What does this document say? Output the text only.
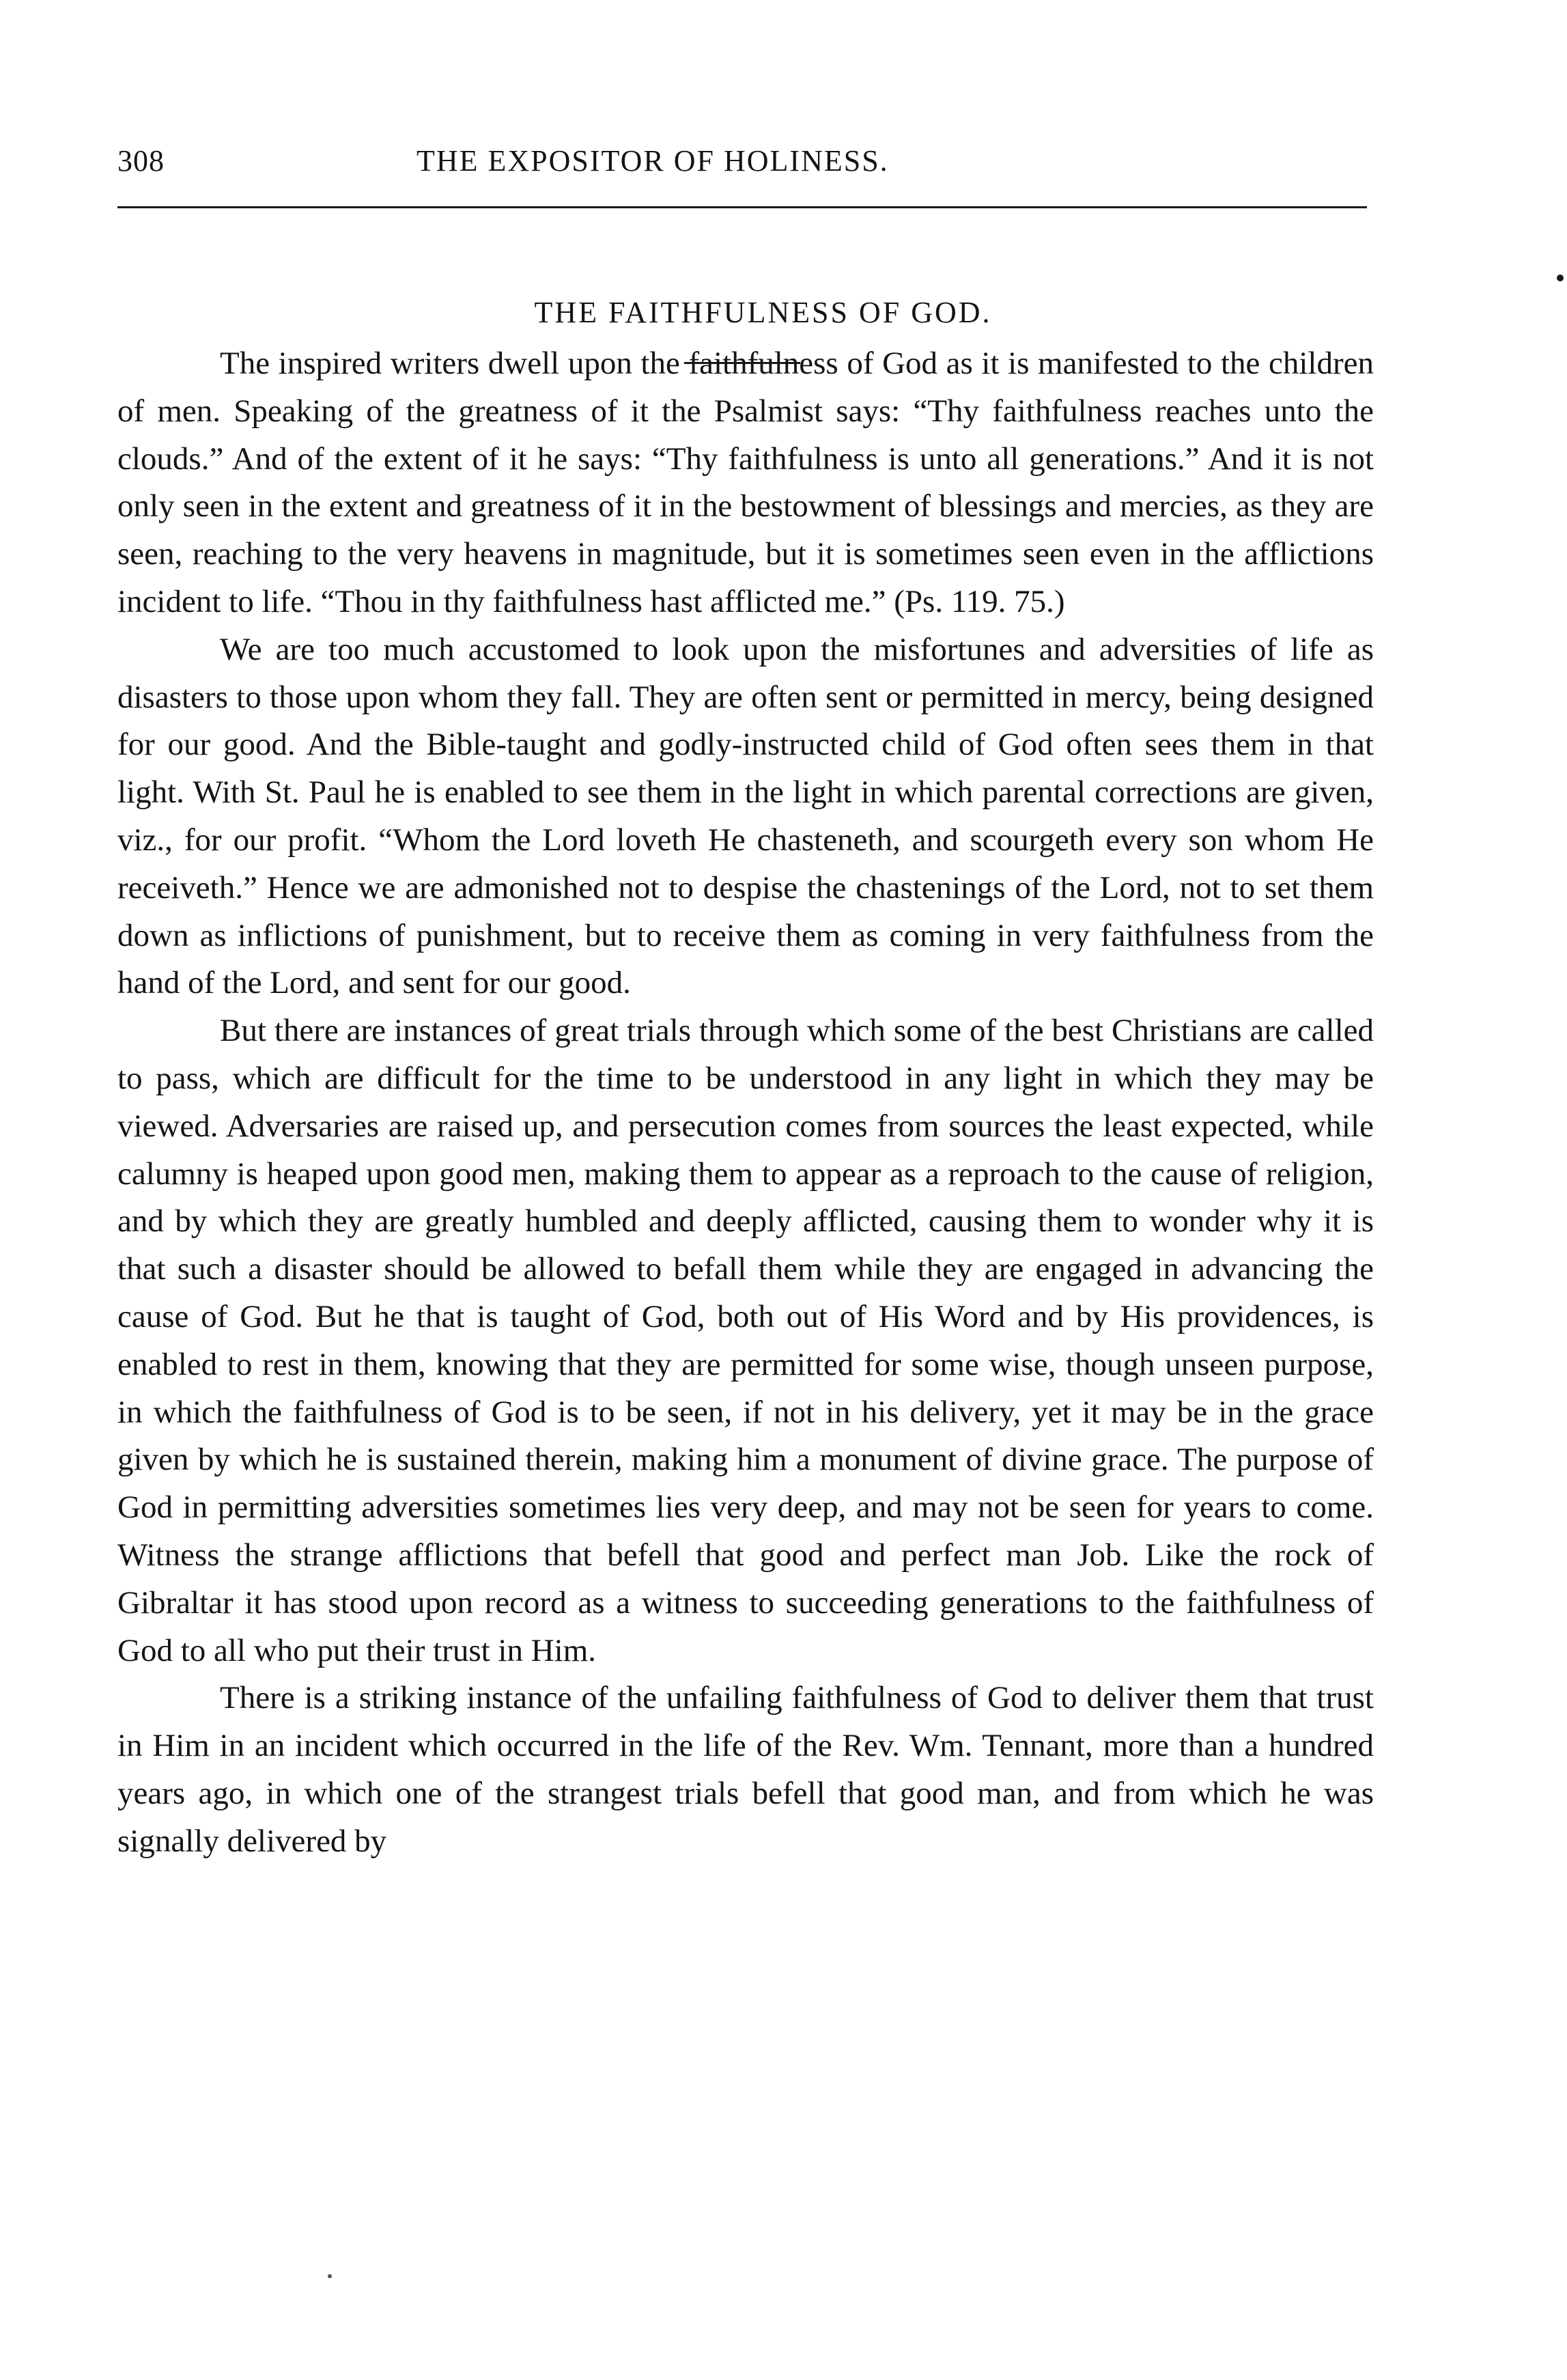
308	THE EXPOSITOR OF HOLINESS.
THE FAITHFULNESS OF GOD.

The inspired writers dwell upon the faithfulness of God as it is manifested to the children of men. Speaking of the greatness of it the Psalmist says: “Thy faithfulness reaches unto the clouds.” And of the extent of it he says: “Thy faithfulness is unto all generations.” And it is not only seen in the extent and greatness of it in the bestowment of blessings and mercies, as they are seen, reaching to the very heavens in magnitude, but it is sometimes seen even in the afflictions incident to life. “Thou in thy faithfulness hast afflicted me.” (Ps. 119. 75.)

We are too much accustomed to look upon the misfortunes and adversities of life as disasters to those upon whom they fall. They are often sent or permitted in mercy, being designed for our good. And the Bible-taught and godly-instructed child of God often sees them in that light. With St. Paul he is enabled to see them in the light in which parental corrections are given, viz., for our profit. “Whom the Lord loveth He chasteneth, and scourgeth every son whom He receiveth.” Hence we are admonished not to despise the chastenings of the Lord, not to set them down as inflictions of punishment, but to receive them as coming in very faithfulness from the hand of the Lord, and sent for our good.

But there are instances of great trials through which some of the best Christians are called to pass, which are difficult for the time to be understood in any light in which they may be viewed. Adversaries are raised up, and persecution comes from sources the least expected, while calumny is heaped upon good men, making them to appear as a reproach to the cause of religion, and by which they are greatly humbled and deeply afflicted, causing them to wonder why it is that such a disaster should be allowed to befall them while they are engaged in advancing the cause of God. But he that is taught of God, both out of His Word and by His providences, is enabled to rest in them, knowing that they are permitted for some wise, though unseen purpose, in which the faithfulness of God is to be seen, if not in his delivery, yet it may be in the grace given by which he is sustained therein, making him a monument of divine grace. The purpose of God in permitting adversities sometimes lies very deep, and may not be seen for years to come. Witness the strange afflictions that befell that good and perfect man Job. Like the rock of Gibraltar it has stood upon record as a witness to succeeding generations to the faithfulness of God to all who put their trust in Him.

There is a striking instance of the unfailing faithfulness of God to deliver them that trust in Him in an incident which occurred in the life of the Rev. Wm. Tennant, more than a hundred years ago, in which one of the strangest trials befell that good man, and from which he was signally delivered by
